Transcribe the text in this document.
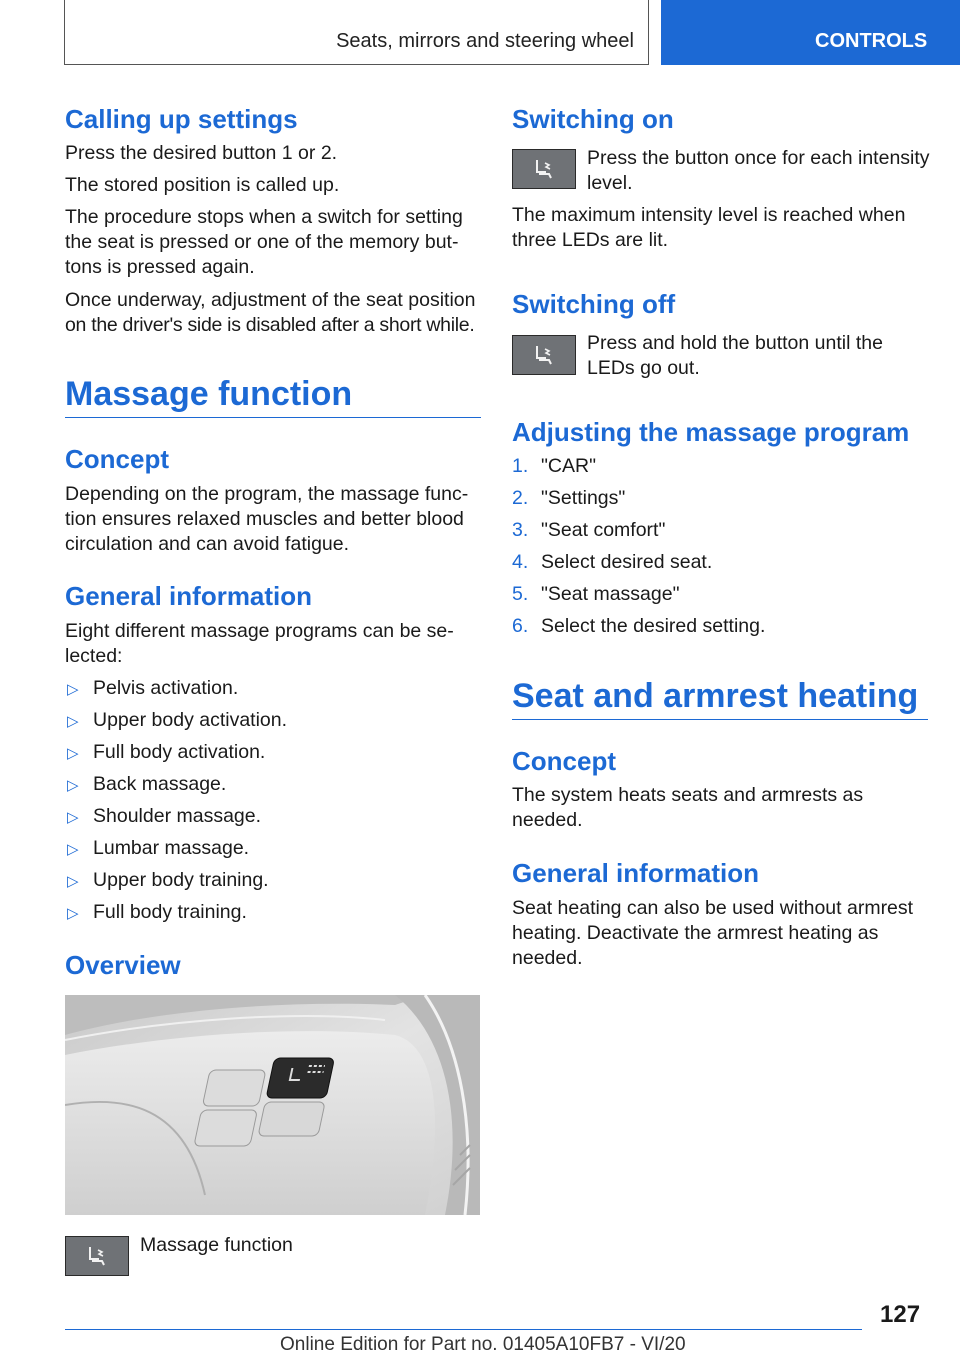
Seats, mirrors and steering wheel	CONTROLS
Calling up settings
Press the desired button 1 or 2.
The stored position is called up.
The procedure stops when a switch for setting
the seat is pressed or one of the memory but‐
tons is pressed again.
Once underway, adjustment of the seat position
on the driver's side is disabled after a short while.
Massage function
Concept
Depending on the program, the massage func‐
tion ensures relaxed muscles and better blood
circulation and can avoid fatigue.
General information
Eight different massage programs can be se‐
lected:
▷ Pelvis activation.
▷ Upper body activation.
▷ Full body activation.
▷ Back massage.
▷ Shoulder massage.
▷ Lumbar massage.
▷ Upper body training.
▷ Full body training.
Overview
Massage function
Switching on
Press the button once for each intensity
level.
The maximum intensity level is reached when
three LEDs are lit.
Switching off
Press and hold the button until the
LEDs go out.
Adjusting the massage program
1. "CAR"
2. "Settings"
3. "Seat comfort"
4. Select desired seat.
5. "Seat massage"
6. Select the desired setting.
Seat and armrest heating
Concept
The system heats seats and armrests as
needed.
General information
Seat heating can also be used without armrest
heating. Deactivate the armrest heating as
needed.
127
Online Edition for Part no. 01405A10FB7 - VI/20
